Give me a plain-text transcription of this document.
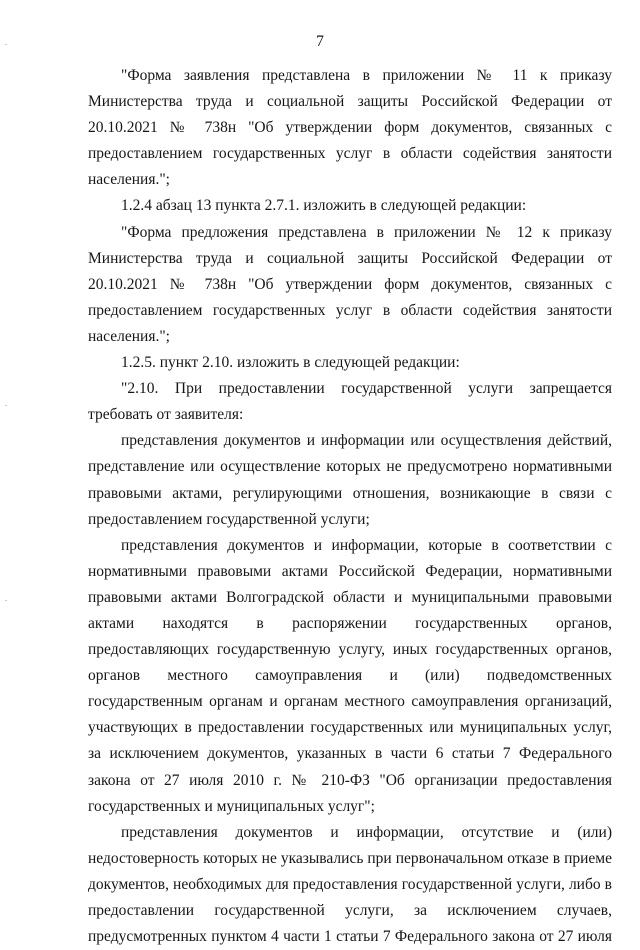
7

"Форма заявления представлена в приложении № 11 к приказу Министерства труда и социальной защиты Российской Федерации от 20.10.2021 № 738н "Об утверждении форм документов, связанных с предоставлением государственных услуг в области содействия занятости населения.";

1.2.4 абзац 13 пункта 2.7.1. изложить в следующей редакции:

"Форма предложения представлена в приложении № 12 к приказу Министерства труда и социальной защиты Российской Федерации от 20.10.2021 № 738н "Об утверждении форм документов, связанных с предоставлением государственных услуг в области содействия занятости населения.";

1.2.5. пункт 2.10. изложить в следующей редакции:

"2.10. При предоставлении государственной услуги запрещается требовать от заявителя:

представления документов и информации или осуществления действий, представление или осуществление которых не предусмотрено нормативными правовыми актами, регулирующими отношения, возникающие в связи с предоставлением государственной услуги;

представления документов и информации, которые в соответствии с нормативными правовыми актами Российской Федерации, нормативными правовыми актами Волгоградской области и муниципальными правовыми актами находятся в распоряжении государственных органов, предоставляющих государственную услугу, иных государственных органов, органов местного самоуправления и (или) подведомственных государственным органам и органам местного самоуправления организаций, участвующих в предоставлении государственных или муниципальных услуг, за исключением документов, указанных в части 6 статьи 7 Федерального закона от 27 июля 2010 г. № 210-ФЗ "Об организации предоставления государственных и муниципальных услуг";

представления документов и информации, отсутствие и (или) недостоверность которых не указывались при первоначальном отказе в приеме документов, необходимых для предоставления государственной услуги, либо в предоставлении государственной услуги, за исключением случаев, предусмотренных пунктом 4 части 1 статьи 7 Федерального закона от 27 июля
